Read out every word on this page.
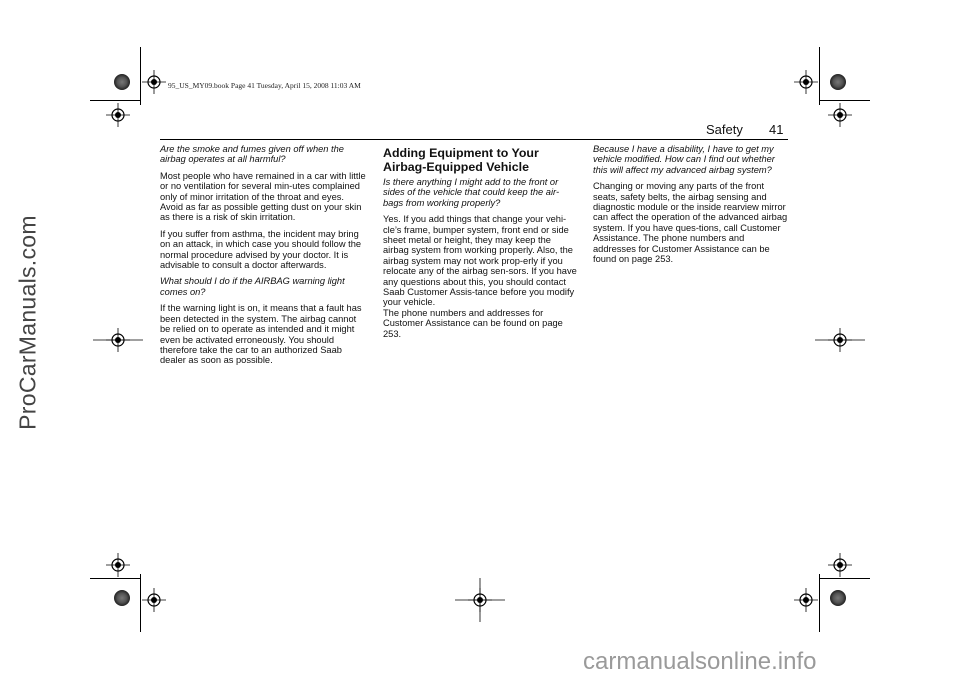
95_US_MY09.book Page 41 Tuesday, April 15, 2008 11:03 AM
Safety 41

Are the smoke and fumes given off when the airbag operates at all harmful?

Most people who have remained in a car with little or no ventilation for several min-utes complained only of minor irritation of the throat and eyes. Avoid as far as possible getting dust on your skin as there is a risk of skin irritation.

If you suffer from asthma, the incident may bring on an attack, in which case you should follow the normal procedure advised by your doctor. It is advisable to consult a doctor afterwards.

What should I do if the AIRBAG warning light comes on?

If the warning light is on, it means that a fault has been detected in the system. The airbag cannot be relied on to operate as intended and it might even be activated erroneously. You should therefore take the car to an authorized Saab dealer as soon as possible.

Adding Equipment to Your Airbag-Equipped Vehicle

Is there anything I might add to the front or sides of the vehicle that could keep the air-bags from working properly?

Yes. If you add things that change your vehi-cle’s frame, bumper system, front end or side sheet metal or height, they may keep the airbag system from working properly. Also, the airbag system may not work prop-erly if you relocate any of the airbag sen-sors. If you have any questions about this, you should contact Saab Customer Assis-tance before you modify your vehicle.

The phone numbers and addresses for Customer Assistance can be found on page 253.

Because I have a disability, I have to get my vehicle modified. How can I find out whether this will affect my advanced airbag system?

Changing or moving any parts of the front seats, safety belts, the airbag sensing and diagnostic module or the inside rearview mirror can affect the operation of the advanced airbag system. If you have ques-tions, call Customer Assistance. The phone numbers and addresses for Customer Assistance can be found on page 253.

ProCarManuals.com
carmanualsonline.info
